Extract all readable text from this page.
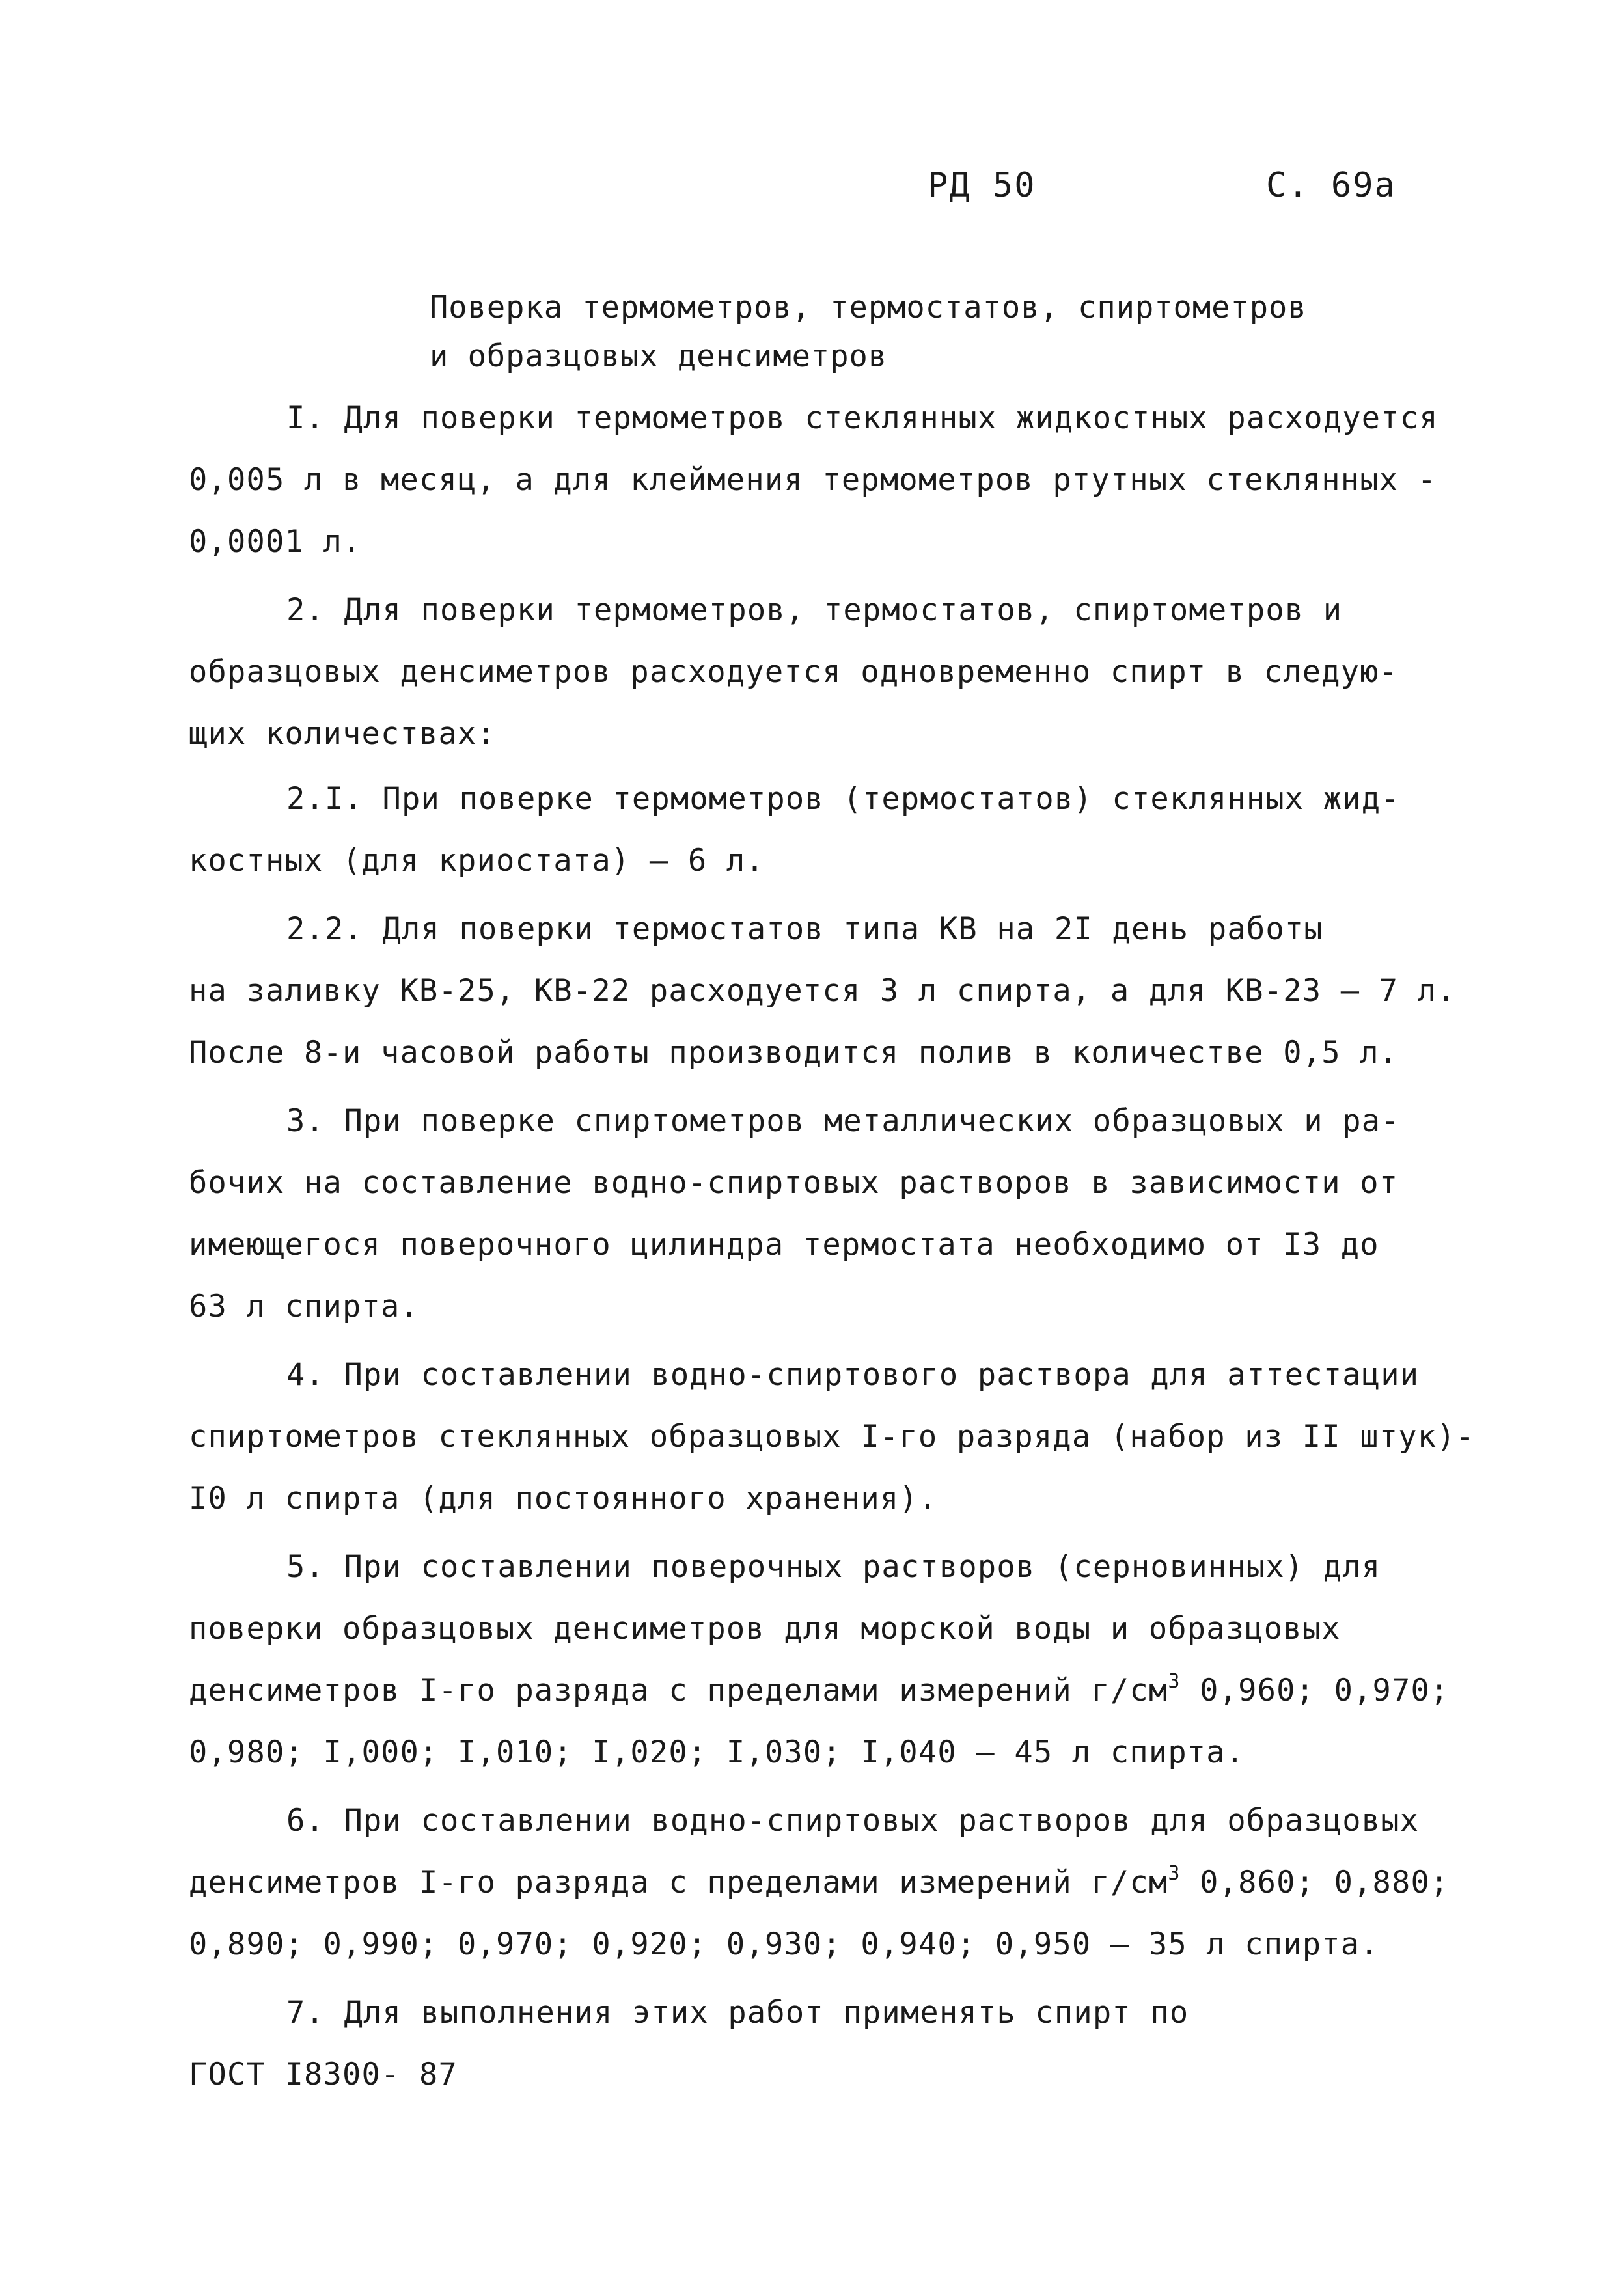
РД 50	С. 69а
Поверка термометров, термостатов, спиртометров
и образцовых денсиметров
I. Для поверки термометров стеклянных жидкостных расходуется
0,005 л в месяц, а для клеймения термометров ртутных стеклянных -
0,0001 л.
2. Для поверки термометров, термостатов, спиртометров и
образцовых денсиметров расходуется одновременно спирт в следую-
щих количествах:
2.I. При поверке термометров (термостатов) стеклянных жид-
костных (для криостата) – 6 л.
2.2. Для поверки термостатов типа КВ на 2I день работы
на заливку КВ-25, КВ-22 расходуется 3 л спирта, а для КВ-23 – 7 л.
После 8-и часовой работы производится полив в количестве 0,5 л.
3. При поверке спиртометров металлических образцовых и ра-
бочих на составление водно-спиртовых растворов в зависимости от
имеющегося поверочного цилиндра термостата необходимо от I3 до
63 л спирта.
4. При составлении водно-спиртового раствора для аттестации
спиртометров стеклянных образцовых I-го разряда (набор из II штук)-
I0 л спирта (для постоянного хранения).
5. При составлении поверочных растворов (серновинных) для
поверки образцовых денсиметров для морской воды и образцовых
денсиметров I-го разряда с пределами измерений $г/см^3$ 0,960; 0,970;
0,980; I,000; I,010; I,020; I,030; I,040 – 45 л спирта.
6. При составлении водно-спиртовых растворов для образцовых
денсиметров I-го разряда с пределами измерений $г/см^3$ 0,860; 0,880;
0,890; 0,990; 0,970; 0,920; 0,930; 0,940; 0,950 – 35 л спирта.
7. Для выполнения этих работ применять спирт по
ГОСТ I8300- 87
